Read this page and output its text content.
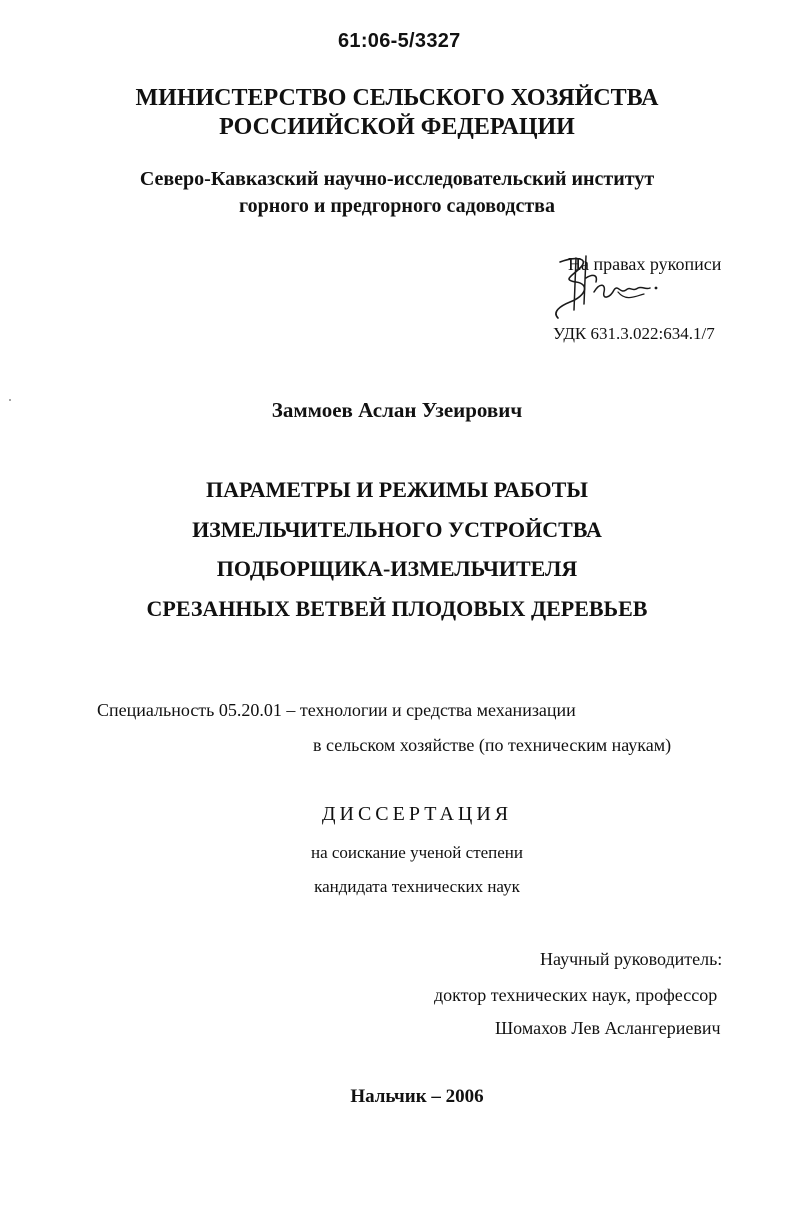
61:06-5/3327
МИНИСТЕРСТВО СЕЛЬСКОГО ХОЗЯЙСТВА
РОССИИЙСКОЙ ФЕДЕРАЦИИ
Северо-Кавказский научно-исследовательский институт
горного и предгорного садоводства
На правах рукописи
УДК 631.3.022:634.1/7
Заммоев Аслан Узеирович
ПАРАМЕТРЫ И РЕЖИМЫ РАБОТЫ
ИЗМЕЛЬЧИТЕЛЬНОГО УСТРОЙСТВА
ПОДБОРЩИКА-ИЗМЕЛЬЧИТЕЛЯ
СРЕЗАННЫХ ВЕТВЕЙ ПЛОДОВЫХ ДЕРЕВЬЕВ
Специальность 05.20.01 – технологии и средства механизации
в сельском хозяйстве (по техническим наукам)
ДИССЕРТАЦИЯ
на соискание ученой степени
кандидата технических наук
Научный руководитель:
доктор технических наук, профессор
Шомахов Лев Аслангериевич
Нальчик – 2006
